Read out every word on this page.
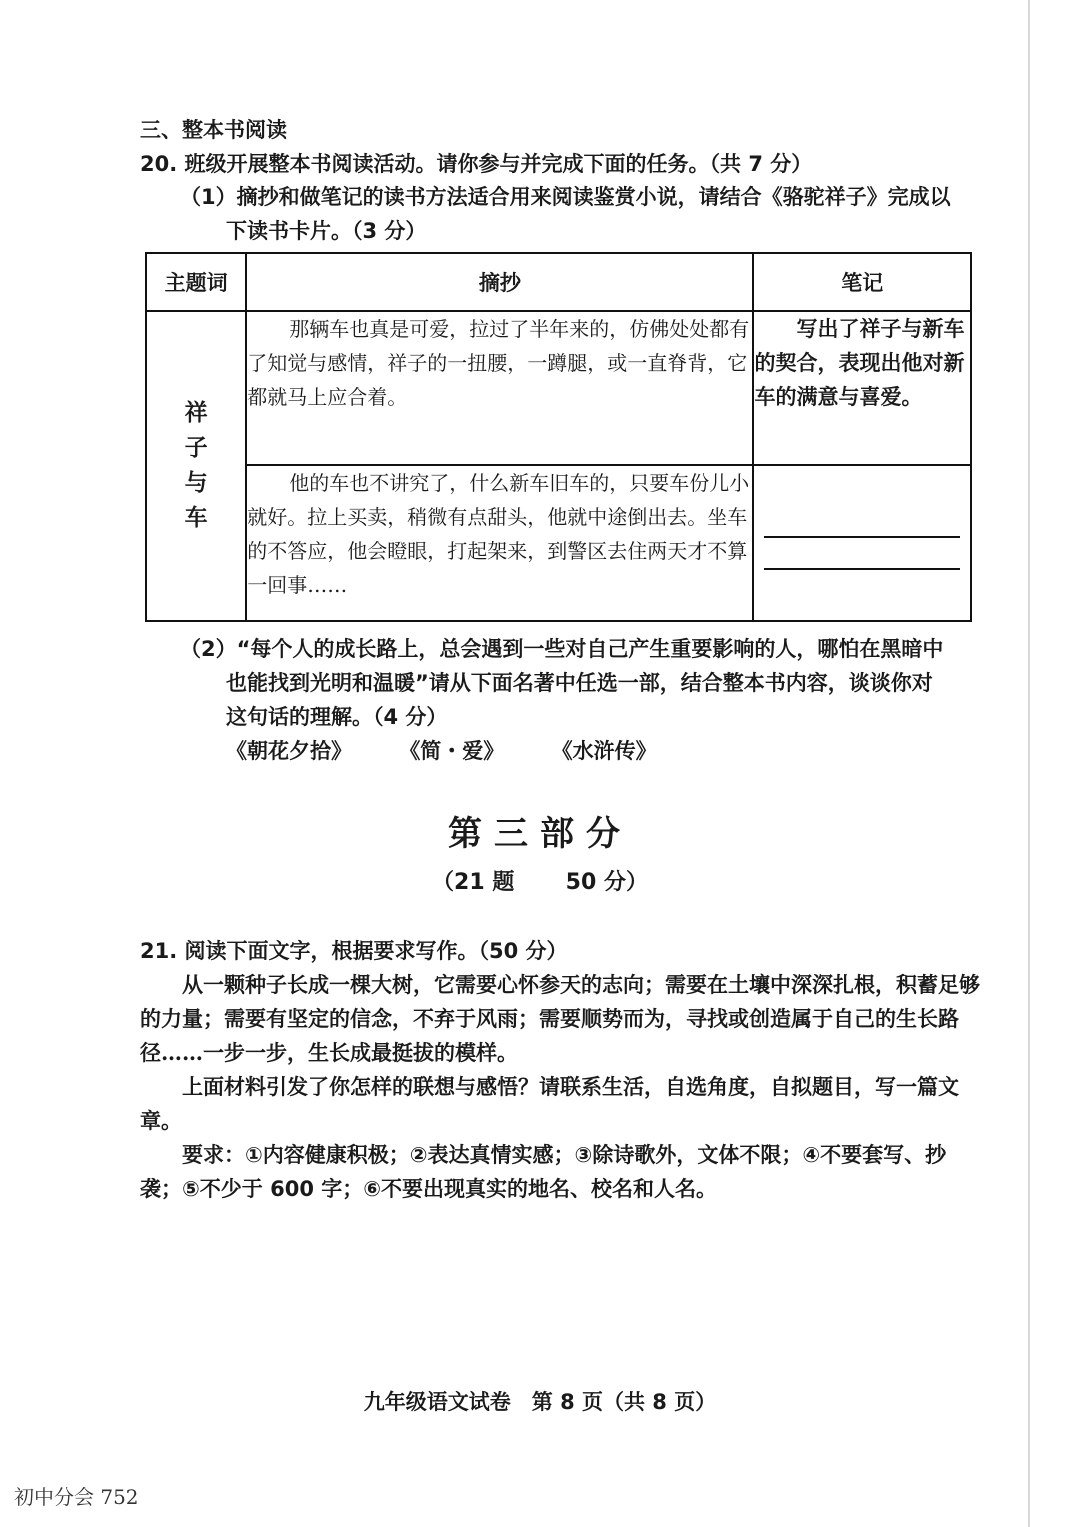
三、整本书阅读
20. 班级开展整本书阅读活动。请你参与并完成下面的任务。（共 7 分）
（1）摘抄和做笔记的读书方法适合用来阅读鉴赏小说，请结合《骆驼祥子》完成以
下读书卡片。（3 分）
主题词	摘抄	笔记

祥
子
与
车	那辆车也真是可爱，拉过了半年来的，仿佛处处都有了知觉与感情，祥子的一扭腰，一蹲腿，或一直脊背，它都就马上应合着。	写出了祥子与新车的契合，表现出他对新车的满意与喜爱。
	他的车也不讲究了，什么新车旧车的，只要车份儿小就好。拉上买卖，稍微有点甜头，他就中途倒出去。坐车的不答应，他会瞪眼，打起架来，到警区去住两天才不算一回事……	
（2）“每个人的成长路上，总会遇到一些对自己产生重要影响的人，哪怕在黑暗中
也能找到光明和温暖”请从下面名著中任选一部，结合整本书内容，谈谈你对
这句话的理解。（4 分）
《朝花夕拾》 《简・爱》 《水浒传》
第三部分
（21 题 50 分）
21. 阅读下面文字，根据要求写作。（50 分）
从一颗种子长成一棵大树，它需要心怀参天的志向；需要在土壤中深深扎根，积蓄足够的力量；需要有坚定的信念，不弃于风雨；需要顺势而为，寻找或创造属于自己的生长路径……一步一步，生长成最挺拔的模样。
上面材料引发了你怎样的联想与感悟？请联系生活，自选角度，自拟题目，写一篇文章。
要求：①内容健康积极；②表达真情实感；③除诗歌外，文体不限；④不要套写、抄袭；⑤不少于 600 字；⑥不要出现真实的地名、校名和人名。
九年级语文试卷　第 8 页（共 8 页）
初中分会 752
